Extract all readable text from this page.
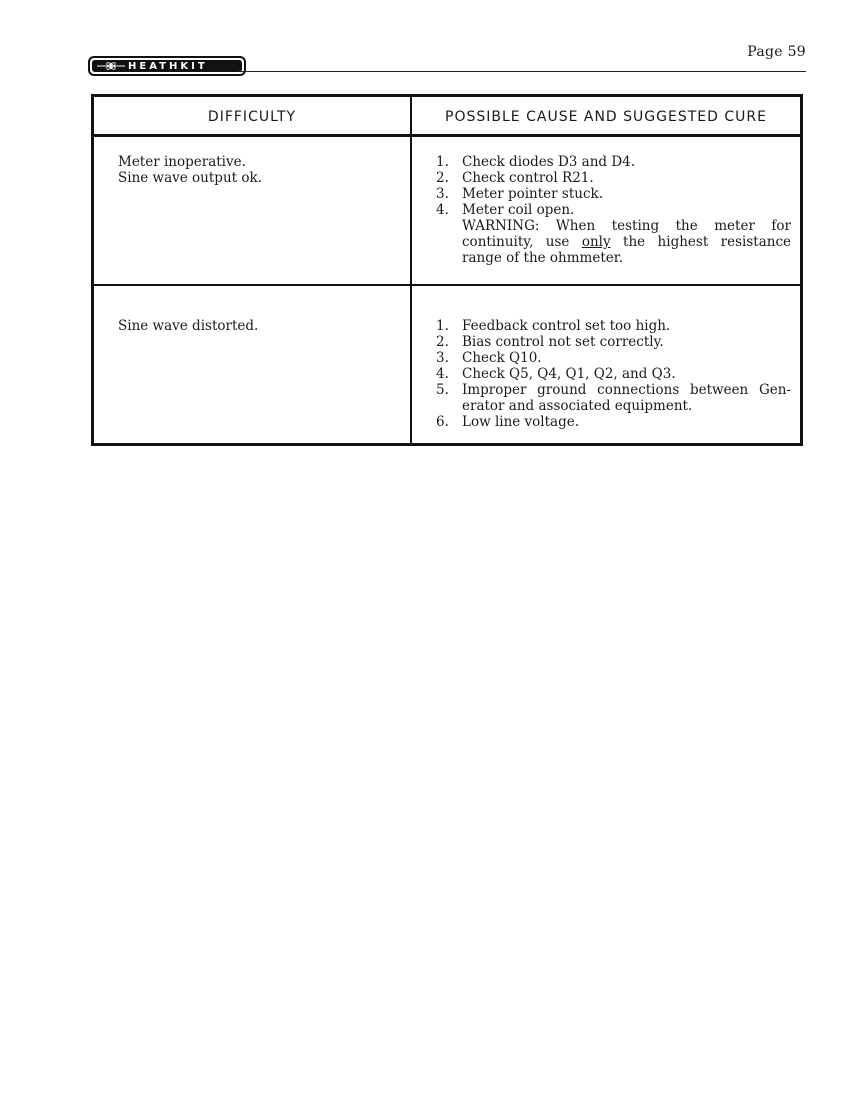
HEATHKIT
Page 59
DIFFICULTY	POSSIBLE CAUSE AND SUGGESTED CURE
Meter inoperative.
Sine wave output ok.
1. Check diodes D3 and D4.
2. Check control R21.
3. Meter pointer stuck.
4. Meter coil open.
WARNING: When testing the meter for continuity, use only the highest resistance range of the ohmmeter.
Sine wave distorted.	1. Feedback control set too high.
2. Bias control not set correctly.
3. Check Q10.
4. Check Q5, Q4, Q1, Q2, and Q3.
5. Improper ground connections between Gen-erator and associated equipment.
6. Low line voltage.
